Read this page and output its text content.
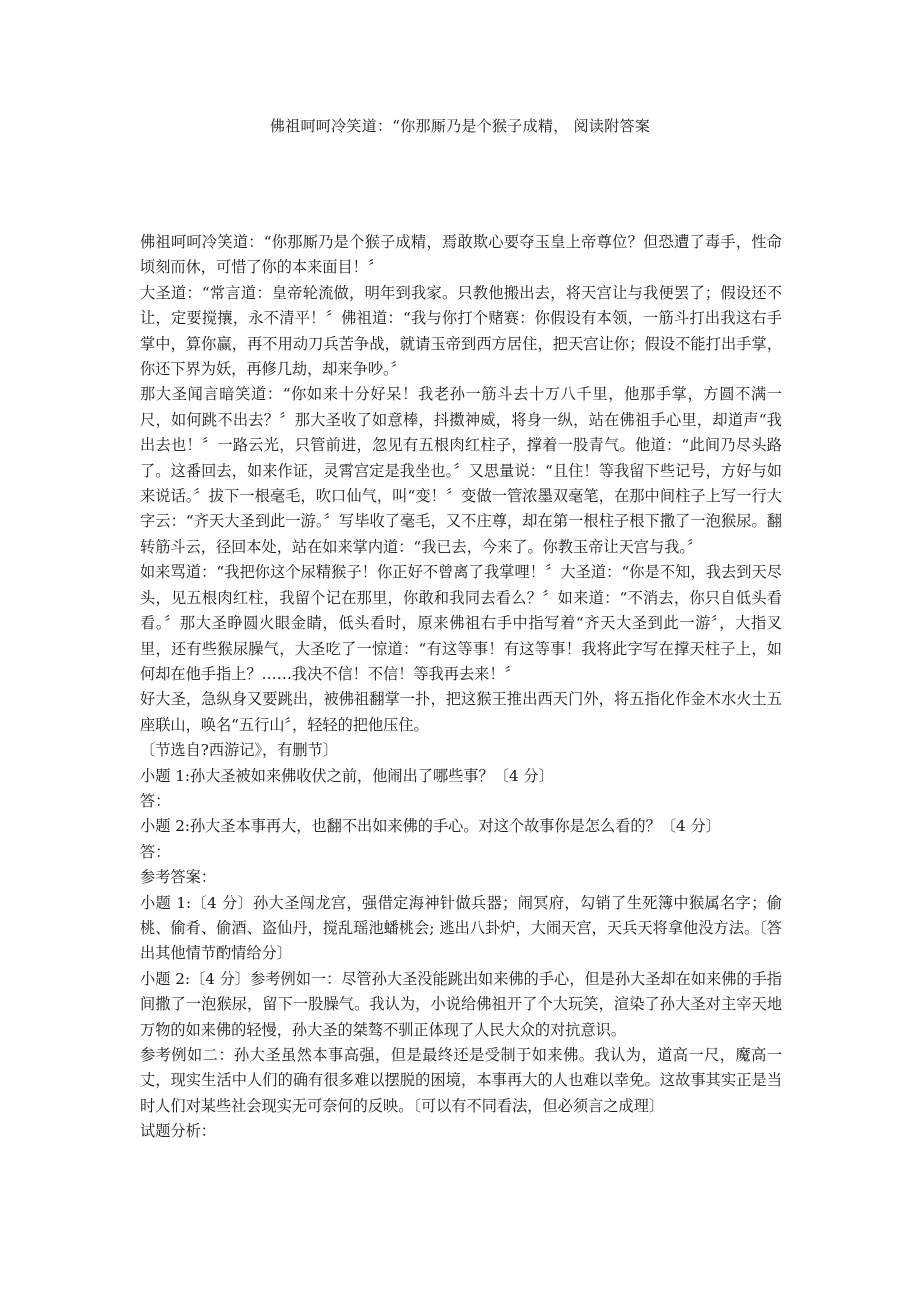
佛祖呵呵冷笑道：“你那厮乃是个猴子成精， 阅读附答案

佛祖呵呵冷笑道：“你那厮乃是个猴子成精，焉敢欺心要夺玉皇上帝尊位？但恐遭了毒手，性命顷刻而休，可惜了你的本来面目！〞

大圣道：“常言道：皇帝轮流做，明年到我家。只教他搬出去，将天宫让与我便罢了；假设还不让，定要搅攘，永不清平！〞佛祖道：“我与你打个赌赛：你假设有本领，一筋斗打出我这右手掌中，算你赢，再不用动刀兵苦争战，就请玉帝到西方居住，把天宫让你；假设不能打出手掌，你还下界为妖，再修几劫，却来争吵。〞

那大圣闻言暗笑道：“你如来十分好呆！我老孙一筋斗去十万八千里，他那手掌，方圆不满一尺，如何跳不出去？〞那大圣收了如意棒，抖擞神威，将身一纵，站在佛祖手心里，却道声“我出去也！〞一路云光，只管前进，忽见有五根肉红柱子，撑着一股青气。他道：“此间乃尽头路了。这番回去，如来作证，灵霄宫定是我坐也。〞又思量说：“且住！等我留下些记号，方好与如来说话。〞拔下一根毫毛，吹口仙气，叫“变！〞变做一管浓墨双毫笔，在那中间柱子上写一行大字云：“齐天大圣到此一游。〞写毕收了毫毛，又不庄尊，却在第一根柱子根下撒了一泡猴尿。翻转筋斗云，径回本处，站在如来掌内道：“我已去，今来了。你教玉帝让天宫与我。〞

如来骂道：“我把你这个尿精猴子！你正好不曾离了我掌哩！〞大圣道：“你是不知，我去到天尽头，见五根肉红柱，我留个记在那里，你敢和我同去看么？〞如来道：“不消去，你只自低头看看。〞那大圣睁圆火眼金睛，低头看时，原来佛祖右手中指写着“齐天大圣到此一游〞，大指叉里，还有些猴尿臊气，大圣吃了一惊道：“有这等事！有这等事！我将此字写在撑天柱子上，如何却在他手指上？……我决不信！不信！等我再去来！〞

好大圣，急纵身又要跳出，被佛祖翻掌一扑，把这猴王推出西天门外，将五指化作金木水火土五座联山，唤名“五行山〞，轻轻的把他压住。

〔节选自?西游记》，有删节〕

小题 1:孙大圣被如来佛收伏之前，他闹出了哪些事？〔4 分〕

答：

小题 2:孙大圣本事再大，也翻不出如来佛的手心。对这个故事你是怎么看的？〔4 分〕

答：

参考答案：

小题 1:〔4 分〕孙大圣闯龙宫，强借定海神针做兵器；闹冥府，勾销了生死簿中猴属名字；偷桃、偷肴、偷酒、盗仙丹，搅乱瑶池蟠桃会; 逃出八卦炉，大闹天宫，天兵天将拿他没方法。〔答出其他情节酌情给分〕

小题 2:〔4 分〕参考例如一：尽管孙大圣没能跳出如来佛的手心，但是孙大圣却在如来佛的手指间撒了一泡猴尿，留下一股臊气。我认为，小说给佛祖开了个大玩笑，渲染了孙大圣对主宰天地万物的如来佛的轻慢，孙大圣的桀骜不驯正体现了人民大众的对抗意识。

参考例如二：孙大圣虽然本事高强，但是最终还是受制于如来佛。我认为，道高一尺，魔高一丈，现实生活中人们的确有很多难以摆脱的困境，本事再大的人也难以幸免。这故事其实正是当时人们对某些社会现实无可奈何的反映。〔可以有不同看法，但必须言之成理〕

试题分析：
